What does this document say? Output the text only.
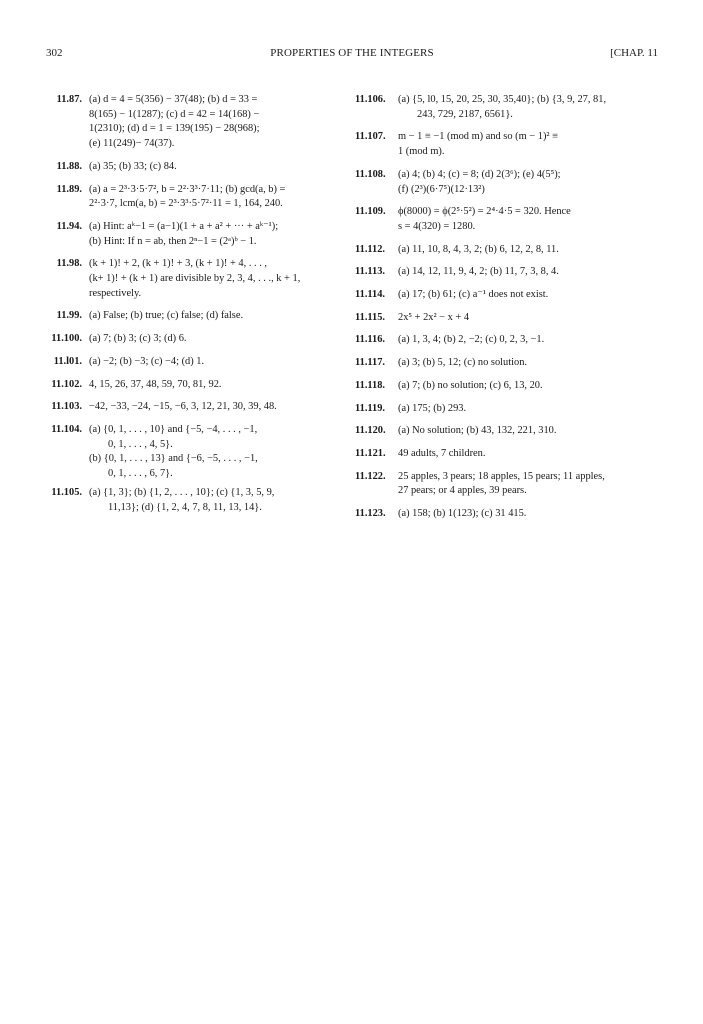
302	PROPERTIES OF THE INTEGERS	[CHAP. 11
11.87. (a) d = 4 = 5(356) − 37(48); (b) d = 33 =
8(165) − 1(1287); (c) d = 42 = 14(168) −
1(2310); (d) d = 1 = 139(195) − 28(968);
(e) 11(249)− 74(37).
11.88. (a) 35; (b) 33; (c) 84.
11.89. (a) a = 2³·3·5·7², b = 2²·3³·7·11; (b) gcd(a, b) =
2²·3·7, lcm(a, b) = 2³·3³·5·7²·11 = 1, 164, 240.
11.94. (a) Hint: aᵏ−1 = (a−1)(1 + a + a² + ··· + aᵏ⁻¹);
(b) Hint: If n = ab, then 2ⁿ−1 = (2ᵃ)ᵇ − 1.
11.98. (k + 1)! + 2, (k + 1)! + 3, (k + 1)! + 4, . . . ,
(k+ 1)! + (k + 1) are divisible by 2, 3, 4, . . ., k + 1,
respectively.
11.99. (a) False; (b) true; (c) false; (d) false.
11.100. (a) 7; (b) 3; (c) 3; (d) 6.
11.l01. (a) −2; (b) −3; (c) −4; (d) 1.
11.102. 4, 15, 26, 37, 48, 59, 70, 81, 92.
11.103. −42, −33, −24, −15, −6, 3, 12, 21, 30, 39, 48.
11.104. (a) {0, 1, . . . , 10} and {−5, −4, . . . , −1,
0, 1, . . . , 4, 5}.
(b) {0, 1, . . . , 13} and {−6, −5, . . . , −1,
0, 1, . . . , 6, 7}.
11.105. (a) {1, 3}; (b) {1, 2, . . . , 10}; (c) {1, 3, 5, 9,
11,13}; (d) {1, 2, 4, 7, 8, 11, 13, 14}.
11.106.	(a) {5, l0, 15, 20, 25, 30, 35,40}; (b) {3, 9, 27, 81,
243, 729, 2187, 6561}.
11.107.	m − 1 ≡ −1 (mod m) and so (m − 1)² ≡
1 (mod m).
11.108.	(a) 4; (b) 4; (c) = 8; (d) 2(3⁶); (e) 4(5⁵);
(f) (2³)(6·7⁵)(12·13²)
11.109.	ϕ(8000) = ϕ(2⁵·5²) = 2⁴·4·5 = 320. Hence
s = 4(320) = 1280.
11.112.	(a) 11, 10, 8, 4, 3, 2; (b) 6, 12, 2, 8, 11.
11.113.	(a) 14, 12, 11, 9, 4, 2; (b) 11, 7, 3, 8, 4.
11.114.	(a) 17; (b) 61; (c) a⁻¹ does not exist.
11.115.	2x⁵ + 2x² − x + 4
11.116.	(a) 1, 3, 4; (b) 2, −2; (c) 0, 2, 3, −1.
11.117.	(a) 3; (b) 5, 12; (c) no solution.
11.118.	(a) 7; (b) no solution; (c) 6, 13, 20.
11.119.	(a) 175; (b) 293.
11.120.	(a) No solution; (b) 43, 132, 221, 310.
11.121.	49 adults, 7 children.
11.122.	25 apples, 3 pears; 18 apples, 15 pears; 11 apples,
27 pears; or 4 apples, 39 pears.
11.123.	(a) 158; (b) 1(123); (c) 31 415.
